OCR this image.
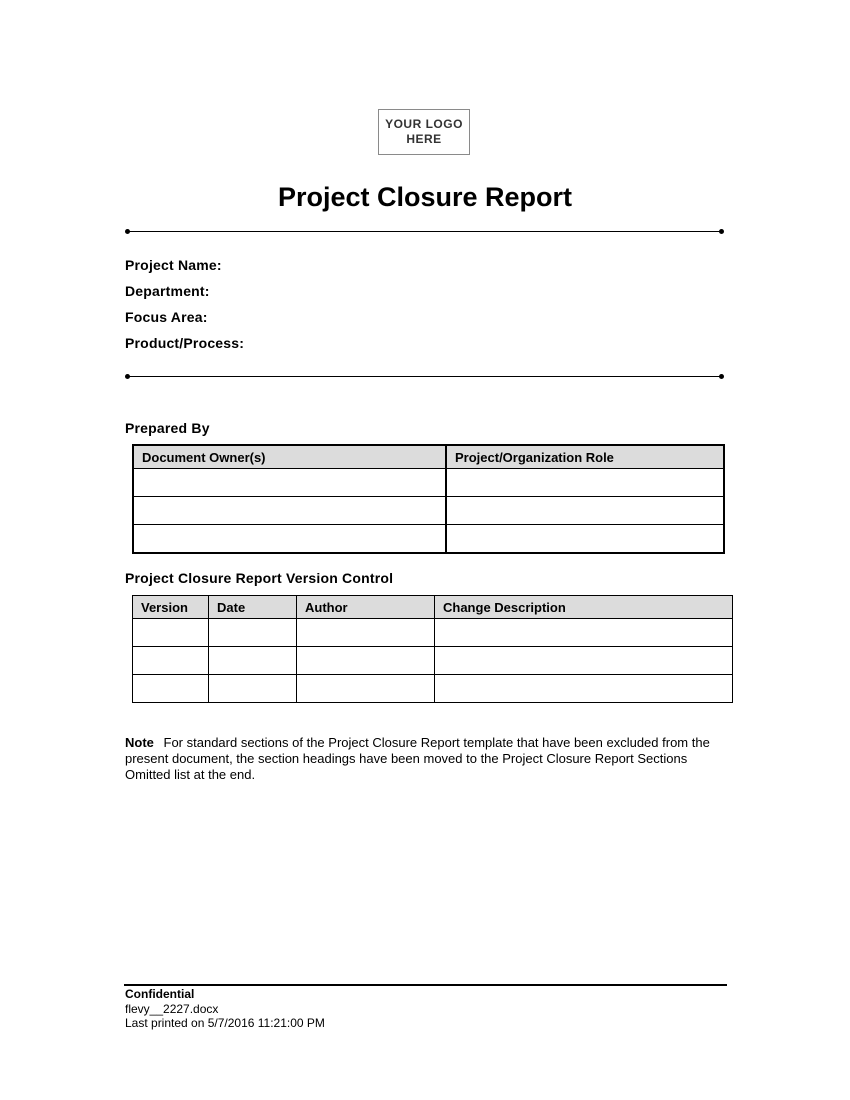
YOUR LOGO
HERE
Project Closure Report
Project Name:
Department:
Focus Area:
Product/Process:
Prepared By
Document Owner(s)	Project/Organization Role

Project Closure Report Version Control
Version	Date	Author	Change Description

Note For standard sections of the Project Closure Report template that have been excluded from the present document, the section headings have been moved to the Project Closure Report Sections Omitted list at the end.
Confidential
flevy__2227.docx
Last printed on 5/7/2016 11:21:00 PM
